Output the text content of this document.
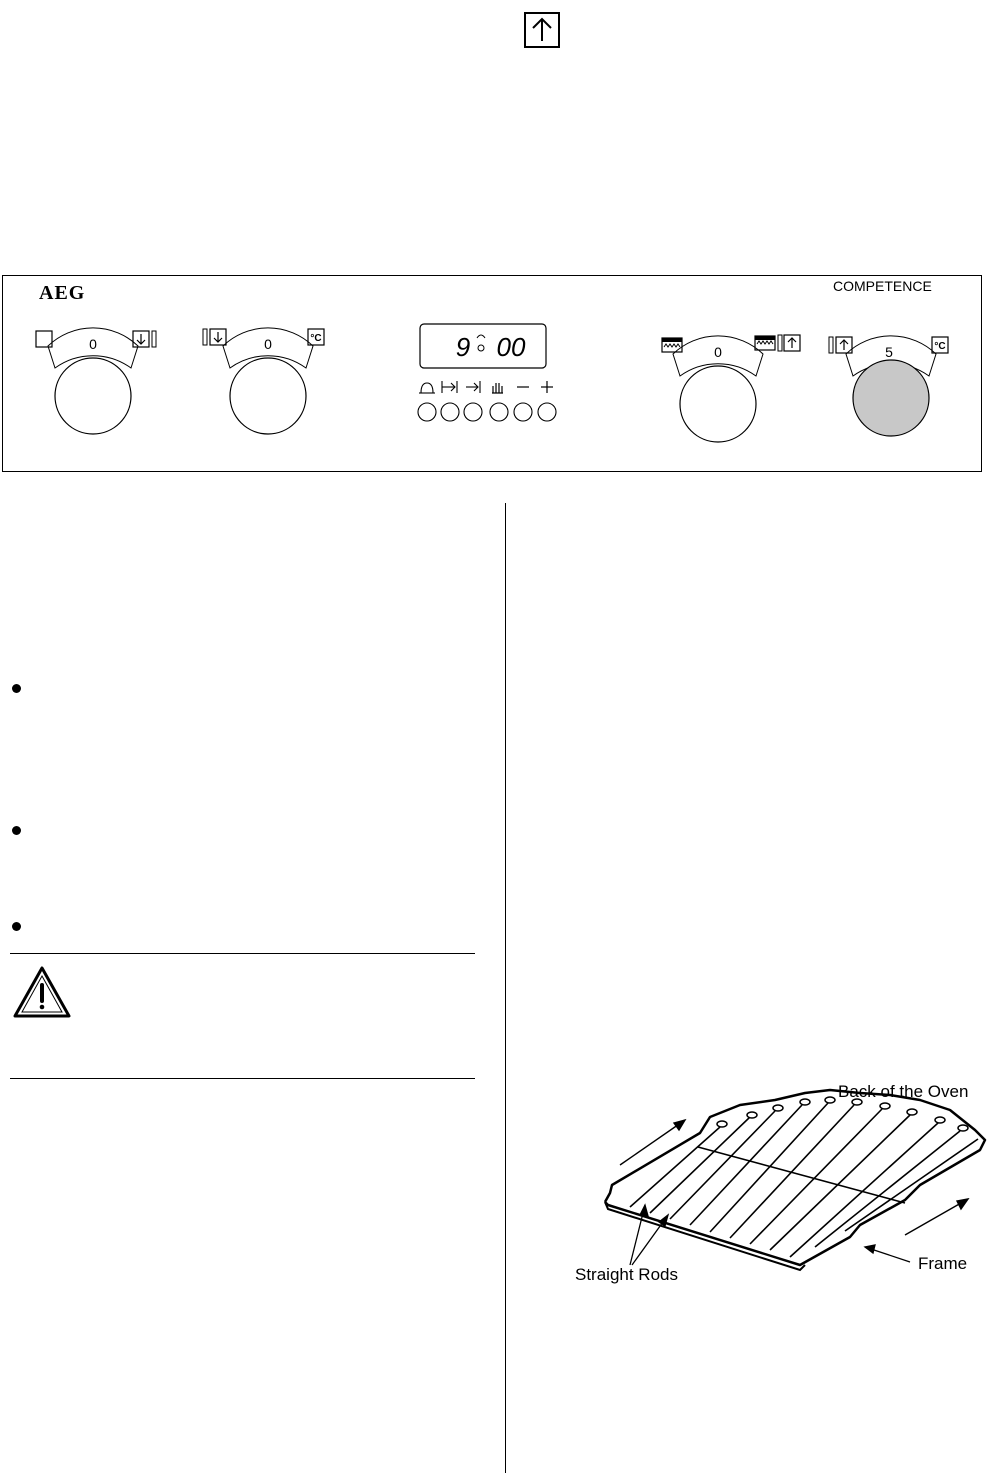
AEG	COMPETENCE
0	0	°C	9 00	0	5	°C
Back of the Oven
Straight Rods
Frame
